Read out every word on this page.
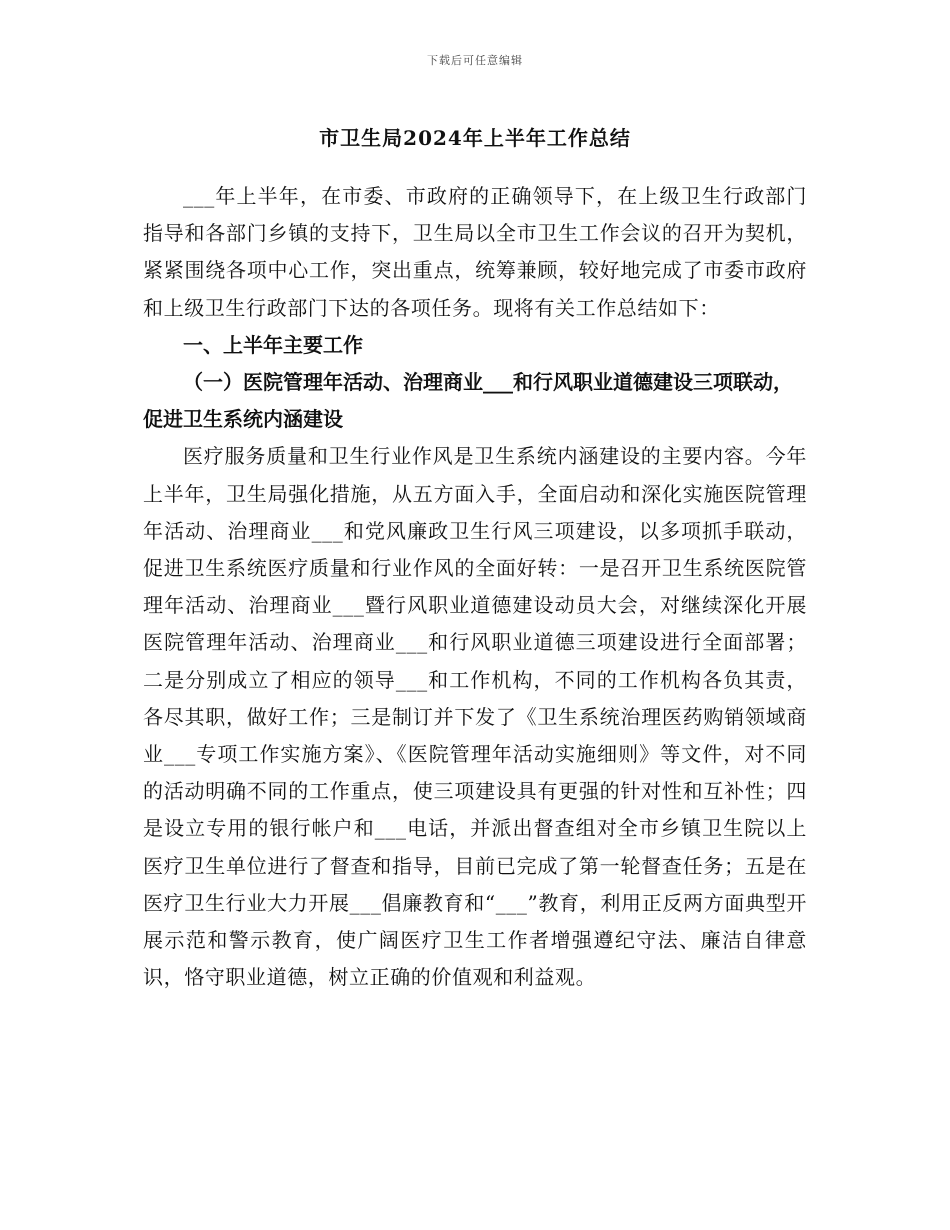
下载后可任意编辑
市卫生局2024年上半年工作总结

___年上半年，在市委、市政府的正确领导下，在上级卫生行政部门指导和各部门乡镇的支持下，卫生局以全市卫生工作会议的召开为契机，紧紧围绕各项中心工作，突出重点，统筹兼顾，较好地完成了市委市政府和上级卫生行政部门下达的各项任务。现将有关工作总结如下：

一、上半年主要工作

（一）医院管理年活动、治理商业___和行风职业道德建设三项联动，促进卫生系统内涵建设

医疗服务质量和卫生行业作风是卫生系统内涵建设的主要内容。今年上半年，卫生局强化措施，从五方面入手，全面启动和深化实施医院管理年活动、治理商业___和党风廉政卫生行风三项建设，以多项抓手联动，促进卫生系统医疗质量和行业作风的全面好转：一是召开卫生系统医院管理年活动、治理商业___暨行风职业道德建设动员大会，对继续深化开展医院管理年活动、治理商业___和行风职业道德三项建设进行全面部署；二是分别成立了相应的领导___和工作机构，不同的工作机构各负其责，各尽其职，做好工作；三是制订并下发了《卫生系统治理医药购销领域商业___专项工作实施方案》、《医院管理年活动实施细则》等文件，对不同的活动明确不同的工作重点，使三项建设具有更强的针对性和互补性；四是设立专用的银行帐户和___电话，并派出督查组对全市乡镇卫生院以上医疗卫生单位进行了督查和指导，目前已完成了第一轮督查任务；五是在医疗卫生行业大力开展___倡廉教育和“___”教育，利用正反两方面典型开展示范和警示教育，使广阔医疗卫生工作者增强遵纪守法、廉洁自律意识，恪守职业道德，树立正确的价值观和利益观。
